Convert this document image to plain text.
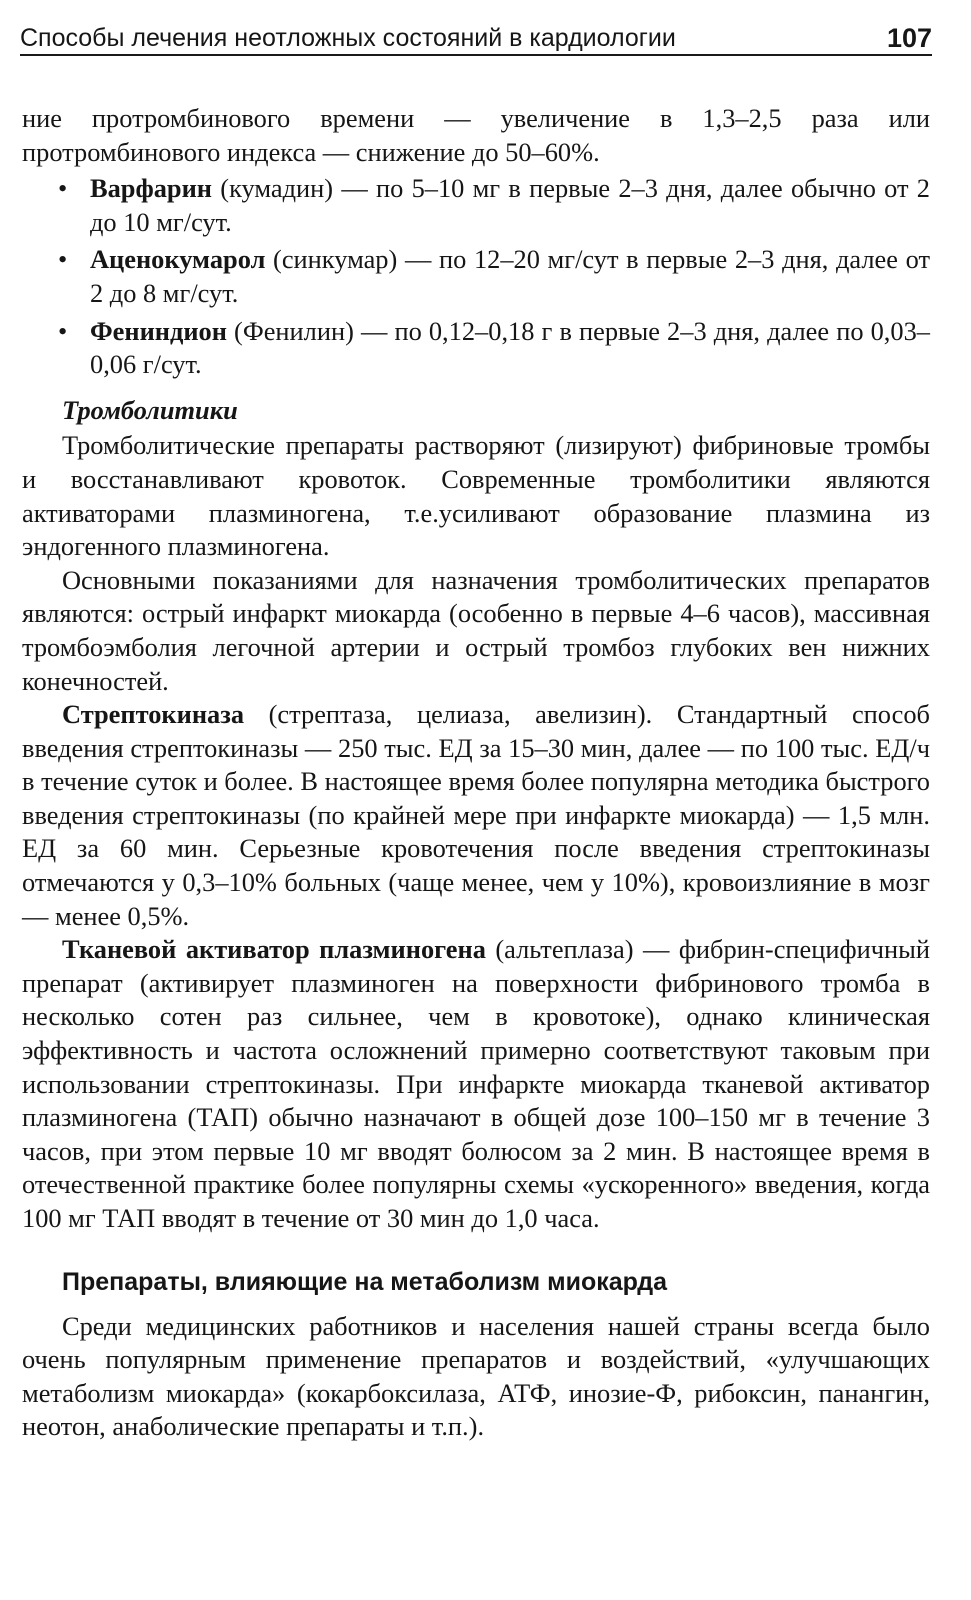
Способы лечения неотложных состояний в кардиологии	107

ние протромбинового времени — увеличение в 1,3–2,5 раза или протромбинового индекса — снижение до 50–60%.

• Варфарин (кумадин) — по 5–10 мг в первые 2–3 дня, далее обычно от 2 до 10 мг/сут.
• Аценокумарол (синкумар) — по 12–20 мг/сут в первые 2–3 дня, далее от 2 до 8 мг/сут.
• Фениндион (Фенилин) — по 0,12–0,18 г в первые 2–3 дня, далее по 0,03–0,06 г/сут.
Тромболитики

Тромболитические препараты растворяют (лизируют) фибриновые тромбы и восстанавливают кровоток. Современные тромболитики являются активаторами плазминогена, т.е.усиливают образование плазмина из эндогенного плазминогена.

Основными показаниями для назначения тромболитических препаратов являются: острый инфаркт миокарда (особенно в первые 4–6 часов), массивная тромбоэмболия легочной артерии и острый тромбоз глубоких вен нижних конечностей.

Стрептокиназа (стрептаза, целиаза, авелизин). Стандартный способ введения стрептокиназы — 250 тыс. ЕД за 15–30 мин, далее — по 100 тыс. ЕД/ч в течение суток и более. В настоящее время более популярна методика быстрого введения стрептокиназы (по крайней мере при инфаркте миокарда) — 1,5 млн. ЕД за 60 мин. Серьезные кровотечения после введения стрептокиназы отмечаются у 0,3–10% больных (чаще менее, чем у 10%), кровоизлияние в мозг — менее 0,5%.

Тканевой активатор плазминогена (альтеплаза) — фибрин-специфичный препарат (активирует плазминоген на поверхности фибринового тромба в несколько сотен раз сильнее, чем в кровотоке), однако клиническая эффективность и частота осложнений примерно соответствуют таковым при использовании стрептокиназы. При инфаркте миокарда тканевой активатор плазминогена (ТАП) обычно назначают в общей дозе 100–150 мг в течение 3 часов, при этом первые 10 мг вводят болюсом за 2 мин. В настоящее время в отечественной практике более популярны схемы «ускоренного» введения, когда 100 мг ТАП вводят в течение от 30 мин до 1,0 часа.

Препараты, влияющие на метаболизм миокарда

Среди медицинских работников и населения нашей страны всегда было очень популярным применение препаратов и воздействий, «улучшающих метаболизм миокарда» (кокарбоксилаза, АТФ, инозие-Ф, рибоксин, панангин, неотон, анаболические препараты и т.п.).
